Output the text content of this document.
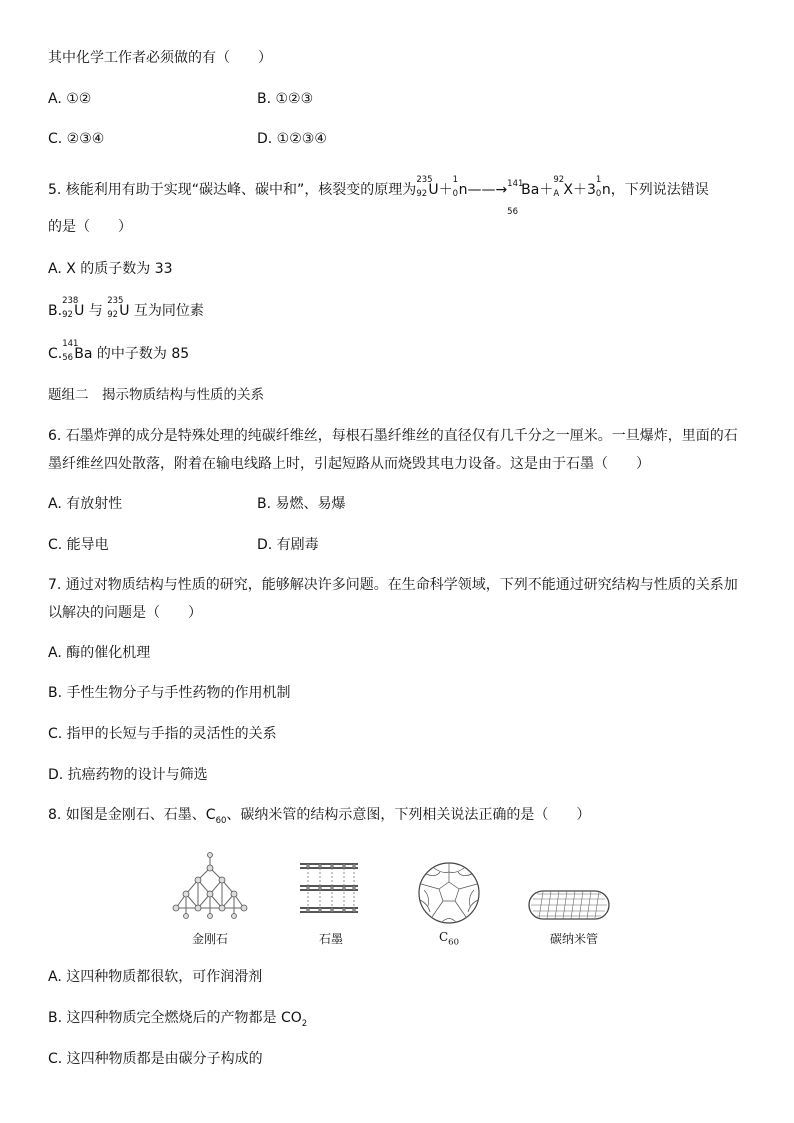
其中化学工作者必须做的有（　　）
A. ①②	B. ①②③
C. ②③④	D. ①②③④
5. 核能利用有助于实现“碳达峰、碳中和”，核裂变的原理为
235
92 U＋
1
0 n——→ 141
56
Ba＋
92
A X＋3
1
0 n，下列说法错误
的是（　　）
A. X 的质子数为 33
B.
238
92 U 与
235
92 U 互为同位素
C.
141
56 Ba 的中子数为 85
题组二　揭示物质结构与性质的关系
6. 石墨炸弹的成分是特殊处理的纯碳纤维丝，每根石墨纤维丝的直径仅有几千分之一厘米。一旦爆炸，里面的石
墨纤维丝四处散落，附着在输电线路上时，引起短路从而烧毁其电力设备。这是由于石墨（　　）
A. 有放射性	B. 易燃、易爆
C. 能导电	D. 有剧毒
7. 通过对物质结构与性质的研究，能够解决许多问题。在生命科学领域，下列不能通过研究结构与性质的关系加
以解决的问题是（　　）
A. 酶的催化机理
B. 手性生物分子与手性药物的作用机制
C. 指甲的长短与手指的灵活性的关系
D. 抗癌药物的设计与筛选
8. 如图是金刚石、石墨、$C_{60}$、碳纳米管的结构示意图，下列相关说法正确的是（　　）
金刚石	石墨	$C_{60}$	碳纳米管
A. 这四种物质都很软，可作润滑剂
B. 这四种物质完全燃烧后的产物都是 $CO_2$
C. 这四种物质都是由碳分子构成的
